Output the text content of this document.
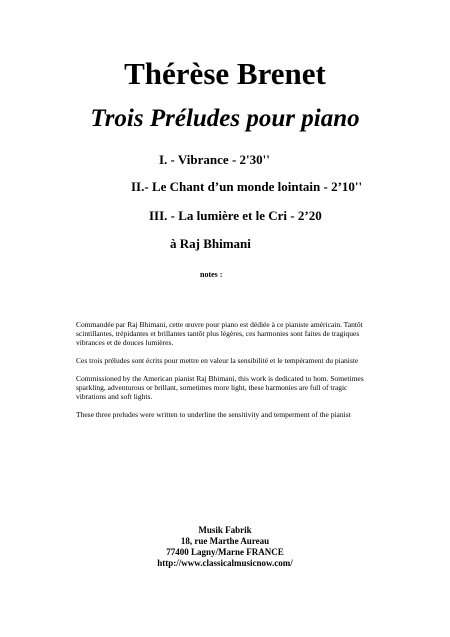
Thérèse Brenet
Trois Préludes pour piano
I. - Vibrance - 2'30''
II.- Le Chant d’un monde lointain - 2’10''
III. - La lumière et le Cri - 2’20
à Raj Bhimani
notes :

Commandée par Raj Bhimani, cette œuvre pour piano est dédiée à ce pianiste américain. Tantôt scintillantes, trépidantes et brillantes tantôt plus légères, ces harmonies sont faites de tragiques vibrances et de douces lumières.

Ces trois préludes sont écrits pour mettre en valeur la sensibilité et le tempérament du pianiste

Commissioned by the American pianist Raj Bhimani, this work is dedicated to hom. Sometimes sparkling, adventurous or brillant, sometimes more light, these harmonies are full of tragic vibrations and soft lights.

These three preludes were written to underline the sensitivity and temperment of the pianist

Musik Fabrik
18, rue Marthe Aureau
77400 Lagny/Marne FRANCE
http://www.classicalmusicnow.com/
